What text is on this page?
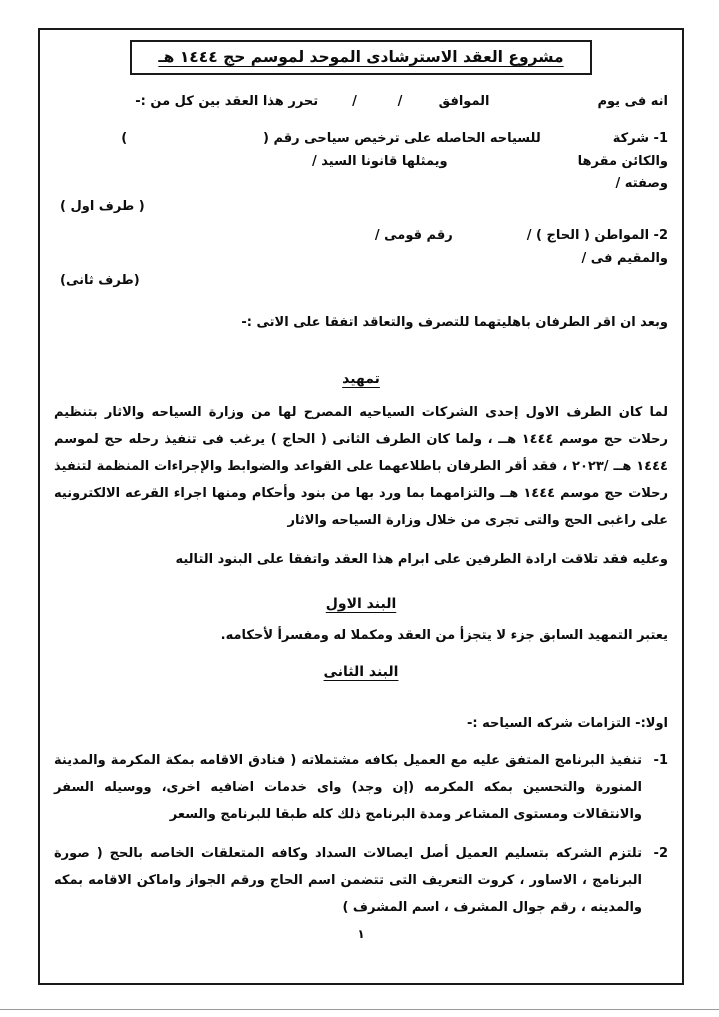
مشروع العقد الاسترشادى الموحد لموسم حج ١٤٤٤ هـ
انه فى يوم
الموافق        /         /
تحرر هذا العقد بين كل من :-
1- شركة
للسياحه الحاصله على ترخيص سياحى رقم (                              )
والكائن مقرها
ويمثلها قانونا السيد /
وصفته /
( طرف اول )
2- المواطن ( الحاج ) /
رقم قومى /
والمقيم فى /
(طرف ثانى)
وبعد ان اقر الطرفان باهليتهما للتصرف والتعاقد اتفقا على الاتى :-
تمهيد
لما كان الطرف الاول إحدى الشركات السياحيه المصرح لها من وزارة السياحه والاثار بتنظيم رحلات حج موسم ١٤٤٤ هــ ، ولما كان الطرف الثانى ( الحاج ) يرغب فى تنفيذ رحله حج لموسم ١٤٤٤ هــ /٢٠٢٣ ، فقد أقر الطرفان باطلاعهما على القواعد والضوابط والإجراءات المنظمة لتنفيذ رحلات حج موسم ١٤٤٤ هــ والتزامهما بما ورد بها من بنود وأحكام ومنها اجراء القرعه الالكترونيه على راغبى الحج والتى تجرى من خلال وزارة السياحه والاثار
وعليه فقد تلاقت ارادة الطرفين على ابرام هذا العقد واتفقا على البنود التاليه
البند الاول
يعتبر التمهيد السابق جزء لا يتجزأ من العقد ومكملا له ومفسرأ لأحكامه.
البند الثانى
اولا:- التزامات شركه السياحه :-
1-
تنفيذ البرنامج المتفق عليه مع العميل بكافه مشتملاته ( فنادق الاقامه بمكة المكرمة والمدينة المنورة والتحسين بمكه المكرمه (إن وجد) واى خدمات اضافيه اخرى، ووسيله السفر والانتقالات ومستوى المشاعر ومدة البرنامج ذلك كله طبقا للبرنامج والسعر
2-
تلتزم الشركه بتسليم العميل أصل ايصالات السداد وكافه المتعلقات الخاصه بالحج ( صورة البرنامج ، الاساور ، كروت التعريف التى تتضمن اسم الحاج ورقم الجواز واماكن الاقامه بمكه والمدينه ، رقم جوال المشرف ، اسم المشرف )
١
